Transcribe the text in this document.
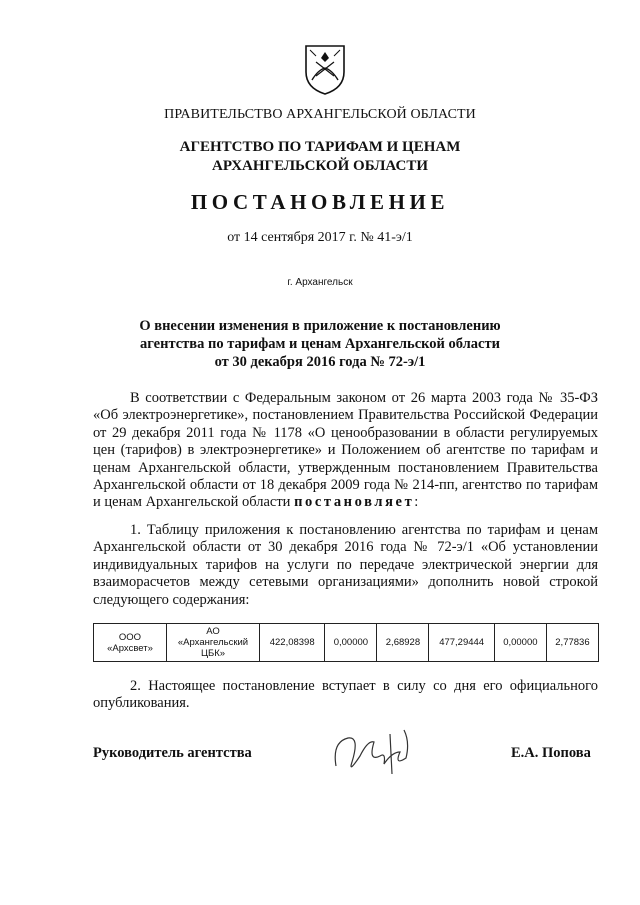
ПРАВИТЕЛЬСТВО АРХАНГЕЛЬСКОЙ ОБЛАСТИ
АГЕНТСТВО ПО ТАРИФАМ И ЦЕНАМ
АРХАНГЕЛЬСКОЙ ОБЛАСТИ
ПОСТАНОВЛЕНИЕ
от 14 сентября 2017 г. № 41-э/1
г. Архангельск
О внесении изменения в приложение к постановлению
агентства по тарифам и ценам Архангельской области
от 30 декабря 2016 года № 72-э/1
В соответствии с Федеральным законом от 26 марта 2003 года № 35-ФЗ «Об электроэнергетике», постановлением Правительства Российской Федерации от 29 декабря 2011 года № 1178 «О ценообразовании в области регулируемых цен (тарифов) в электроэнергетике» и Положением об агентстве по тарифам и ценам Архангельской области, утвержденным постановлением Правительства Архангельской области от 18 декабря 2009 года № 214-пп, агентство по тарифам и ценам Архангельской области постановляет:
1. Таблицу приложения к постановлению агентства по тарифам и ценам Архангельской области от 30 декабря 2016 года № 72-э/1 «Об установлении индивидуальных тарифов на услуги по передаче электрической энергии для взаиморасчетов между сетевыми организациями» дополнить новой строкой следующего содержания:
ООО «Архсвет»	АО «Архангельский ЦБК»	422,08398	0,00000	2,68928	477,29444	0,00000	2,77836
2. Настоящее постановление вступает в силу со дня его официального опубликования.
Руководитель агентства	Е.А. Попова
